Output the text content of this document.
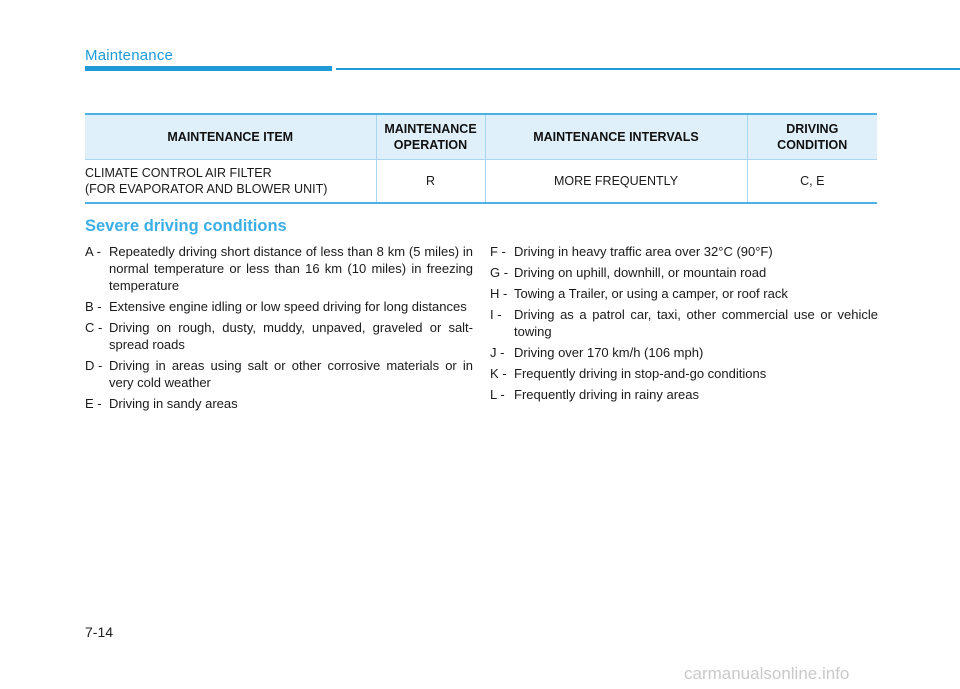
Maintenance
MAINTENANCE ITEM	MAINTENANCE OPERATION	MAINTENANCE INTERVALS	DRIVING CONDITION

CLIMATE CONTROL AIR FILTER
(FOR EVAPORATOR AND BLOWER UNIT)	R	MORE FREQUENTLY	C, E
Severe driving conditions
A - Repeatedly driving short distance of less than 8 km (5 miles) in normal temperature or less than 16 km (10 miles) in freezing temperature
B - Extensive engine idling or low speed driving for long distances
C - Driving on rough, dusty, muddy, unpaved, graveled or salt-spread roads
D - Driving in areas using salt or other corrosive materials or in very cold weather
E - Driving in sandy areas
F - Driving in heavy traffic area over 32°C (90°F)
G - Driving on uphill, downhill, or mountain road
H - Towing a Trailer, or using a camper, or roof rack
I - Driving as a patrol car, taxi, other commercial use or vehicle towing
J - Driving over 170 km/h (106 mph)
K - Frequently driving in stop-and-go conditions
L - Frequently driving in rainy areas
7-14
carmanualsonline.info
